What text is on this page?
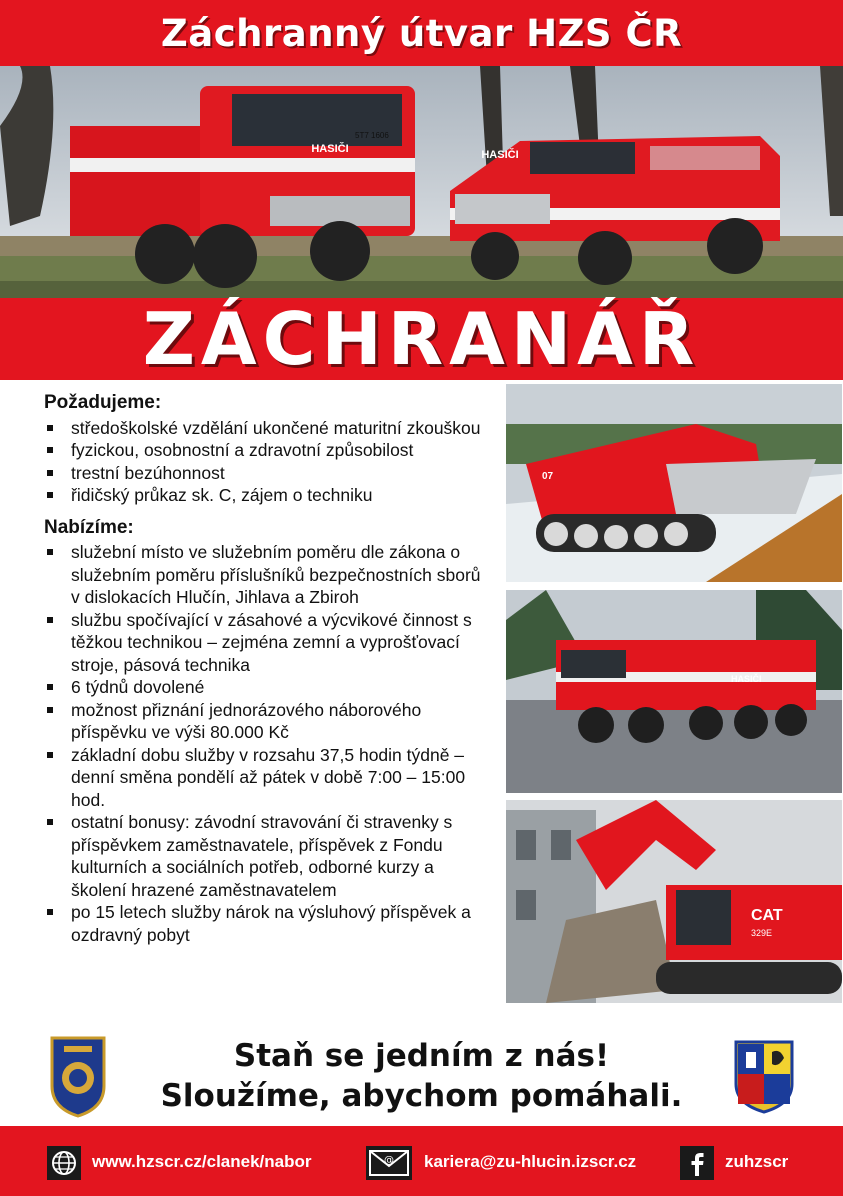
Záchranný útvar HZS ČR
HASIČI
5T7 1606
HASIČI
ZÁCHRANÁŘ
Požadujeme:
středoškolské vzdělání ukončené maturitní zkouškou
fyzickou, osobnostní a zdravotní způsobilost
trestní bezúhonnost
řidičský průkaz sk. C, zájem o techniku
Nabízíme:
služební místo ve služebním poměru dle zákona o služebním poměru příslušníků bezpečnostních sborů v dislokacích Hlučín, Jihlava a Zbiroh
službu spočívající v zásahové a výcvikové činnost s těžkou technikou – zejména zemní a vyprošťovací stroje, pásová technika
6 týdnů dovolené
možnost přiznání jednorázového náborového příspěvku ve výši 80.000 Kč
základní dobu služby v rozsahu 37,5 hodin týdně – denní směna pondělí až pátek v době 7:00 – 15:00 hod.
ostatní bonusy: závodní stravování či stravenky s příspěvkem zaměstnavatele, příspěvek z Fondu kulturních a sociálních potřeb, odborné kurzy a školení hrazené zaměstnavatelem
po 15 letech služby nárok na výsluhový příspěvek a ozdravný pobyt
07
HASIČI
CAT
329E
Staň se jedním z nás!
Sloužíme, abychom pomáhali.
www.hzscr.cz/clanek/nabor	@ kariera@zu-hlucin.izscr.cz	zuhzscr
